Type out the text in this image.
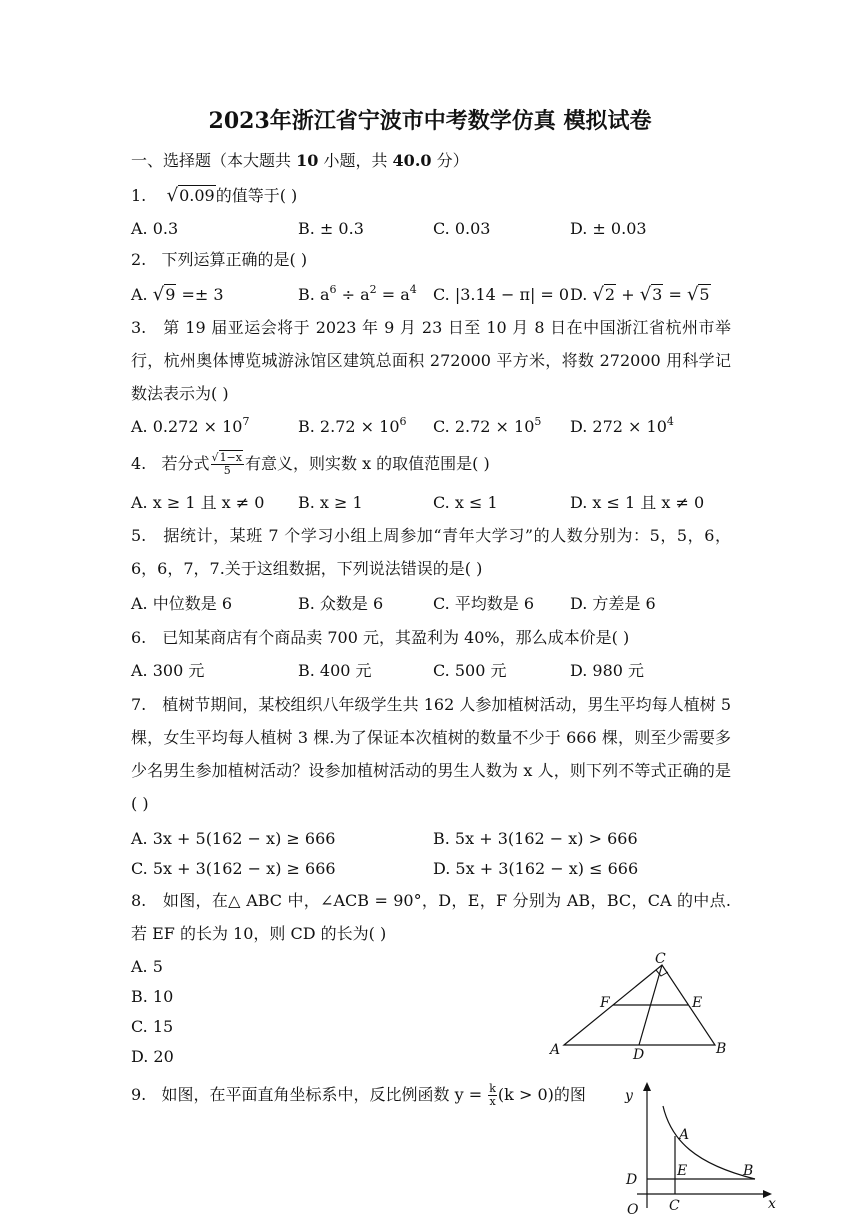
2023年浙江省宁波市中考数学仿真 模拟试卷
一、选择题（本大题共 10 小题，共 40.0 分）
1. √0.09的值等于( )
A. 0.3	B. ± 0.3	C. 0.03	D. ± 0.03
2. 下列运算正确的是( )
A. √9 =± 3	B. $a^6 \div a^2 = a^4$ C. |3.14 − π| = 0 D. √2 + √3 = √5
3.　第 19 届亚运会将于 2023 年 9 月 23 日至 10 月 8 日在中国浙江省杭州市举行，杭州奥体博览城游泳馆区建筑总面积 272000 平方米，将数 272000 用科学记数法表示为( )
A. $0.272 \times 10^7$	B. $2.72 \times 10^6$ C. $2.72 \times 10^5$ D. $272 \times 10^4$
4. 若分式 $\frac{√1-x}{5}$ 有意义，则实数 x 的取值范围是( )
A. x ≥ 1 且 x ≠ 0 B. x ≥ 1	C. x ≤ 1	D. x ≤ 1 且 x ≠ 0
5.　据统计，某班 7 个学习小组上周参加“青年大学习”的人数分别为：5，5，6，6，6，7，7.关于这组数据，下列说法错误的是( )
A. 中位数是 6	B. 众数是 6	C. 平均数是 6 D. 方差是 6
6.　已知某商店有个商品卖 700 元，其盈利为 40%，那么成本价是( )
A. 300 元	B. 400 元	C. 500 元	D. 980 元
7.　植树节期间，某校组织八年级学生共 162 人参加植树活动，男生平均每人植树 5 棵，女生平均每人植树 3 棵.为了保证本次植树的数量不少于 666 棵，则至少需要多少名男生参加植树活动？设参加植树活动的男生人数为 x 人，则下列不等式正确的是( )
A. 3x + 5(162 − x) ≥ 666	B. 5x + 3(162 − x) > 666
C. 5x + 3(162 − x) ≥ 666	D. 5x + 3(162 − x) ≤ 666
8.　如图，在△ ABC 中，∠ACB = 90°，D，E，F 分别为 AB，BC，CA 的中点.若 EF 的长为 10，则 CD 的长为( )
A. 5
B. 10
C. 15
D. 20
C
F	E
A	D	B
9. 如图，在平面直角坐标系中，反比例函数 $y = \frac{k}{x} (k > 0)$的图	y
x
O
A
E	B
D
C
